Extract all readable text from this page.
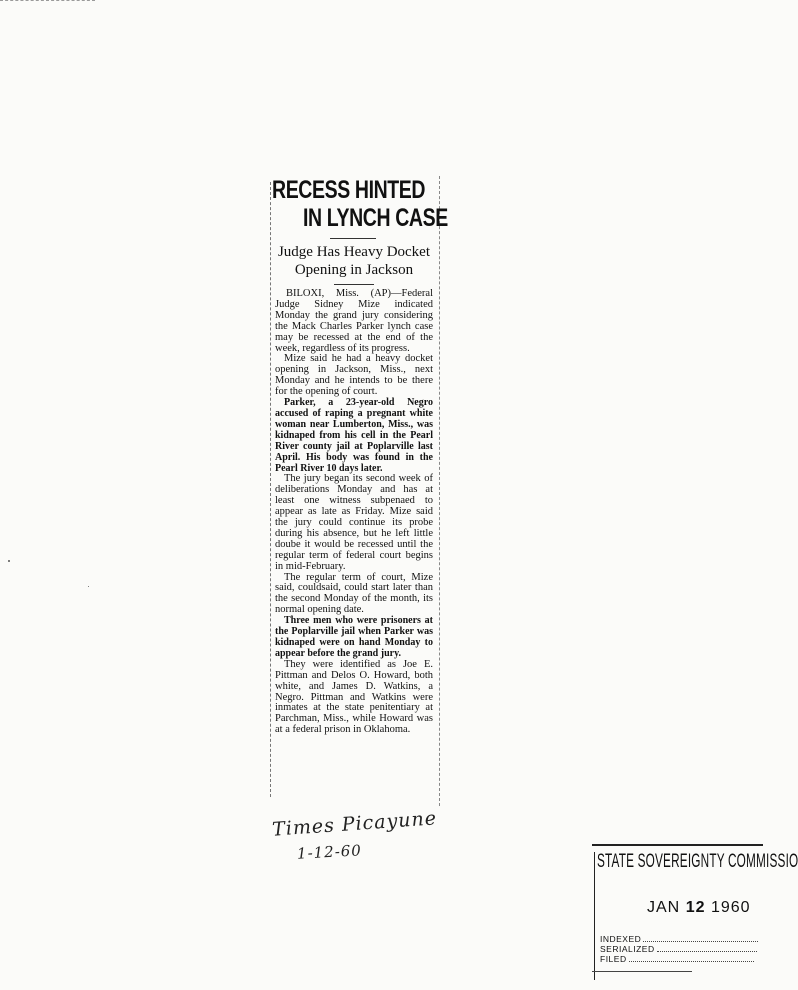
RECESS HINTED
IN LYNCH CASE
Judge Has Heavy Docket
Opening in Jackson

BILOXI, Miss. (AP)—Federal Judge Sidney Mize indicated Monday the grand jury considering the Mack Charles Parker lynch case may be recessed at the end of the week, regardless of its progress.

Mize said he had a heavy docket opening in Jackson, Miss., next Monday and he intends to be there for the opening of court.

Parker, a 23-year-old Negro accused of raping a pregnant white woman near Lumberton, Miss., was kidnaped from his cell in the Pearl River county jail at Poplarville last April. His body was found in the Pearl River 10 days later.

The jury began its second week of deliberations Monday and has at least one witness subpenaed to appear as late as Friday. Mize said the jury could continue its probe during his absence, but he left little doube it would be recessed until the regular term of federal court begins in mid-February.

The regular term of court, Mize said, couldsaid, could start later than the second Monday of the month, its normal opening date.

Three men who were prisoners at the Poplarville jail when Parker was kidnaped were on hand Monday to appear before the grand jury.

They were identified as Joe E. Pittman and Delos O. Howard, both white, and James D. Watkins, a Negro. Pittman and Watkins were inmates at the state penitentiary at Parchman, Miss., while Howard was at a federal prison in Oklahoma.

Times Picayune
1-12-60	STATE SOVEREIGNTY COMMISSIO
JAN 12 1960
INDEXED
SERIALIZED
FILED
